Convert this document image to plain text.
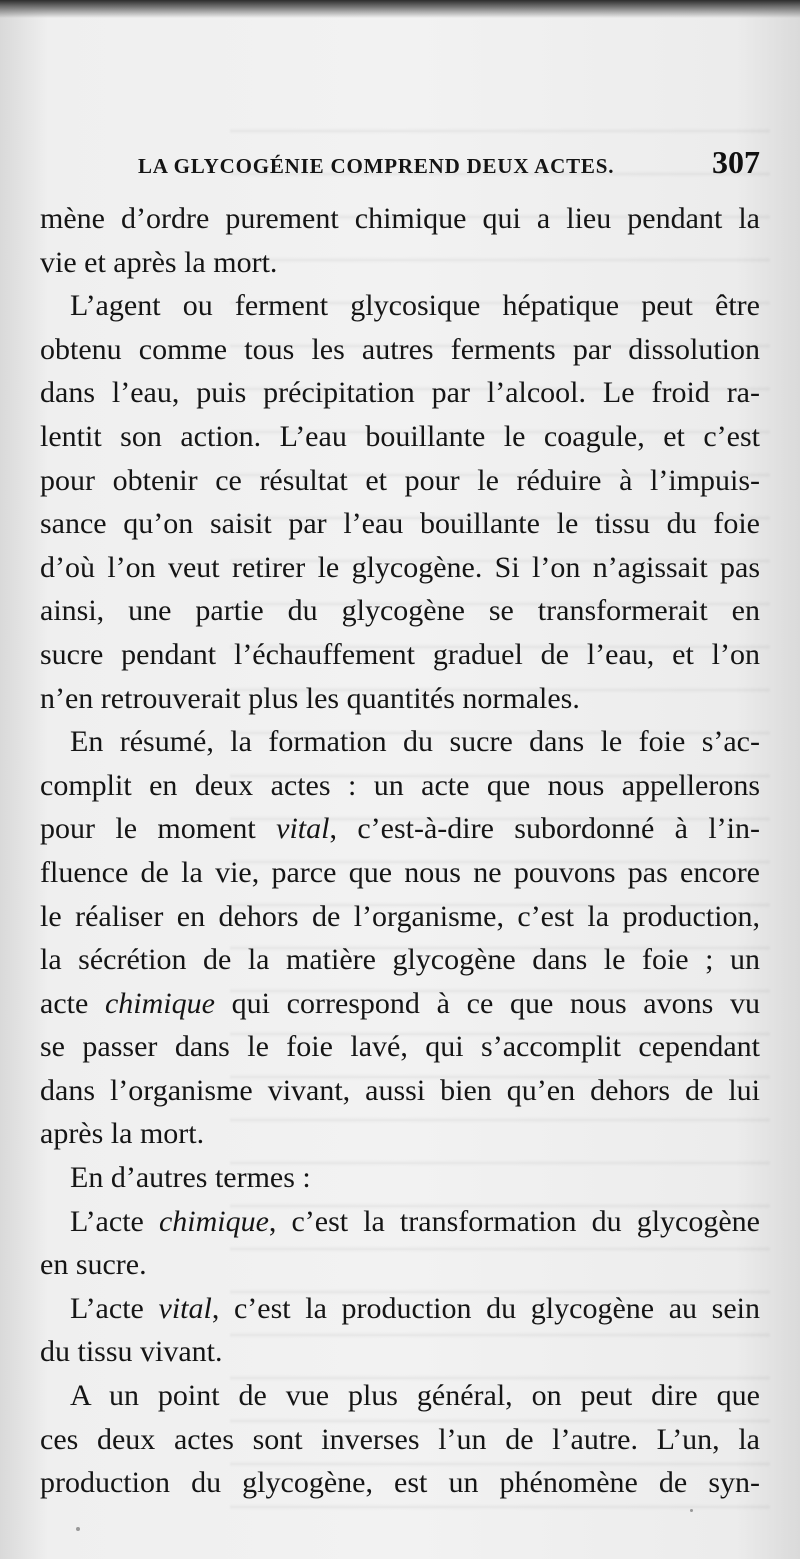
LA GLYCOGÉNIE COMPREND DEUX ACTES.	307
mène d’ordre purement chimique qui a lieu pendant la
vie et après la mort.
L’agent ou ferment glycosique hépatique peut être
obtenu comme tous les autres ferments par dissolution
dans l’eau, puis précipitation par l’alcool. Le froid ra-
lentit son action. L’eau bouillante le coagule, et c’est
pour obtenir ce résultat et pour le réduire à l’impuis-
sance qu’on saisit par l’eau bouillante le tissu du foie
d’où l’on veut retirer le glycogène. Si l’on n’agissait pas
ainsi, une partie du glycogène se transformerait en
sucre pendant l’échauffement graduel de l’eau, et l’on
n’en retrouverait plus les quantités normales.
En résumé, la formation du sucre dans le foie s’ac-
complit en deux actes : un acte que nous appellerons
pour le moment vital, c’est-à-dire subordonné à l’in-
fluence de la vie, parce que nous ne pouvons pas encore
le réaliser en dehors de l’organisme, c’est la production,
la sécrétion de la matière glycogène dans le foie ; un
acte chimique qui correspond à ce que nous avons vu
se passer dans le foie lavé, qui s’accomplit cependant
dans l’organisme vivant, aussi bien qu’en dehors de lui
après la mort.
En d’autres termes :
L’acte chimique, c’est la transformation du glycogène
en sucre.
L’acte vital, c’est la production du glycogène au sein
du tissu vivant.
A un point de vue plus général, on peut dire que
ces deux actes sont inverses l’un de l’autre. L’un, la
production du glycogène, est un phénomène de syn-
